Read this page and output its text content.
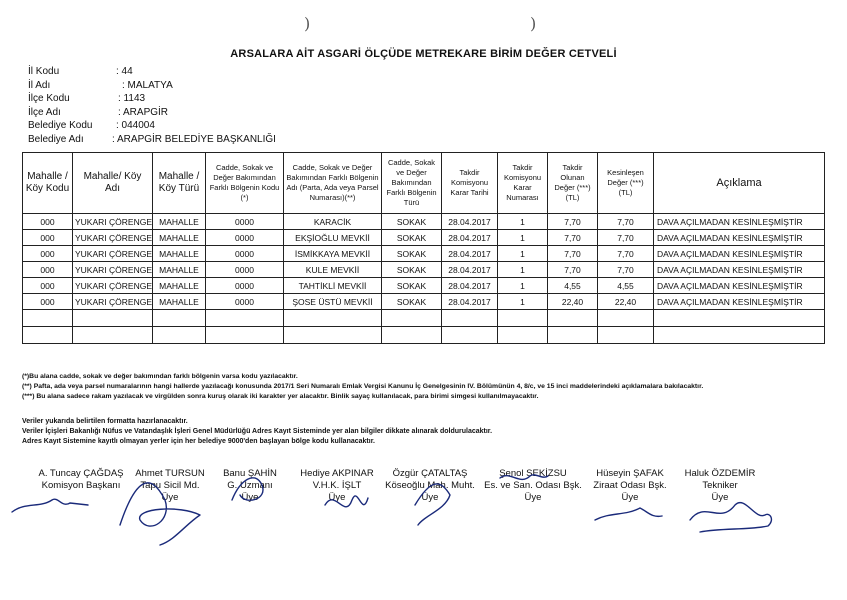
)	)
ARSALARA AİT ASGARİ ÖLÇÜDE METREKARE BİRİM DEĞER CETVELİ
İl Kodu	: 44
İl Adı	: MALATYA
İlçe Kodu	: 1143
İlçe Adı	: ARAPGİR
Belediye Kodu : 044004
Belediye Adı	: ARAPGİR BELEDİYE BAŞKANLIĞI
Mahalle / Köy Kodu	Mahalle/ Köy Adı	Mahalle / Köy Türü	Cadde, Sokak ve Değer Bakımından Farklı Bölgenin Kodu (*)	Cadde, Sokak ve Değer Bakımından Farklı Bölgenin Adı (Parta, Ada veya Parsel Numarası)(**)	Cadde, Sokak ve Değer Bakımından Farklı Bölgenin Türü	Takdir Komisyonu Karar Tarihi	Takdir Komisyonu Karar Numarası	Takdir Olunan Değer (***) (TL)	Kesinleşen Değer (***) (TL)	Açıklama
000	YUKARI ÇÖRENGE	MAHALLE	0000	KARACİK	SOKAK	28.04.2017	1	7,70	7,70	DAVA AÇILMADAN KESİNLEŞMİŞTİR
000	YUKARI ÇÖRENGE	MAHALLE	0000	EKŞİOĞLU MEVKİİ	SOKAK	28.04.2017	1	7,70	7,70	DAVA AÇILMADAN KESİNLEŞMİŞTİR
000	YUKARI ÇÖRENGE	MAHALLE	0000	İSMİKKAYA MEVKİİ	SOKAK	28.04.2017	1	7,70	7,70	DAVA AÇILMADAN KESİNLEŞMİŞTİR
000	YUKARI ÇÖRENGE	MAHALLE	0000	KULE MEVKİİ	SOKAK	28.04.2017	1	7,70	7,70	DAVA AÇILMADAN KESİNLEŞMİŞTİR
000	YUKARI ÇÖRENGE	MAHALLE	0000	TAHTİKLİ MEVKİİ	SOKAK	28.04.2017	1	4,55	4,55	DAVA AÇILMADAN KESİNLEŞMİŞTİR
000	YUKARI ÇÖRENGE	MAHALLE	0000	ŞOSE ÜSTÜ MEVKİİ	SOKAK	28.04.2017	1	22,40	22,40	DAVA AÇILMADAN KESİNLEŞMİŞTİR

(*)Bu alana cadde, sokak ve değer bakımından farklı bölgenin varsa kodu yazılacaktır.
(**) Pafta, ada veya parsel numaralarının hangi hallerde yazılacağı konusunda 2017/1 Seri Numaralı Emlak Vergisi Kanunu İç Genelgesinin IV. Bölümünün 4, 8/c, ve 15 inci maddelerindeki açıklamalara bakılacaktır.
(***) Bu alana sadece rakam yazılacak ve virgülden sonra kuruş olarak iki karakter yer alacaktır. Binlik sayaç kullanılacak, para birimi simgesi kullanılmayacaktır.
Veriler yukarıda belirtilen formatta hazırlanacaktır.
Veriler İçişleri Bakanlığı Nüfus ve Vatandaşlık İşleri Genel Müdürlüğü Adres Kayıt Sisteminde yer alan bilgiler dikkate alınarak doldurulacaktır.
Adres Kayıt Sistemine kayıtlı olmayan yerler için her belediye 9000'den başlayan bölge kodu kullanacaktır.
A. Tuncay ÇAĞDAŞ
Komisyon Başkanı
Ahmet TURSUN
Tapu Sicil Md.
Üye
Banu ŞAHİN
G. Uzmanı
Üye
Hediye AKPINAR
V.H.K. İŞLT
Üye
Özgür ÇATALTAŞ
Köseoğlu Mah. Muht.
Üye
Şenol SEKİZSU
Es. ve San. Odası Bşk.
Üye
Hüseyin ŞAFAK
Ziraat Odası Bşk.
Üye
Haluk ÖZDEMİR
Tekniker
Üye
